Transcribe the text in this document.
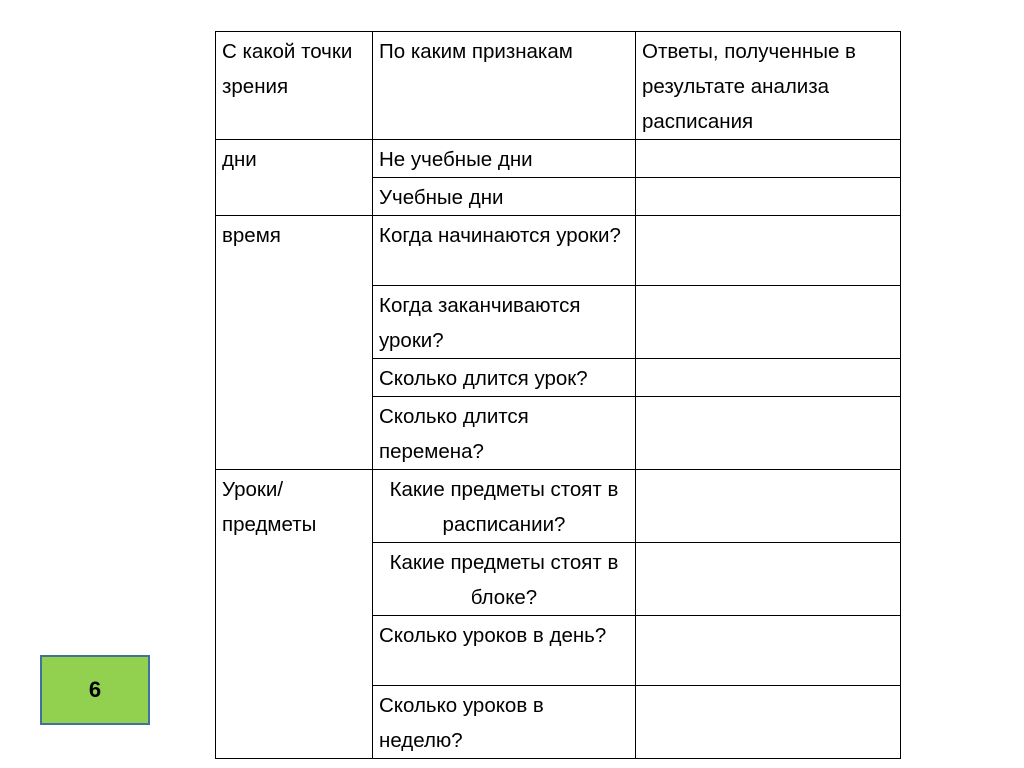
С какой точки зрения	По каким признакам	Ответы, полученные в результате анализа расписания
дни	Не учебные дни	
	Учебные дни	
время	Когда начинаются уроки?	
	Когда заканчиваются уроки?	
	Сколько длится урок?	
	Сколько длится перемена?	
Уроки/предметы	Какие предметы стоят в расписании?	
	Какие предметы стоят в блоке?	
	Сколько уроков в день?	
	Сколько уроков в неделю?	
6
